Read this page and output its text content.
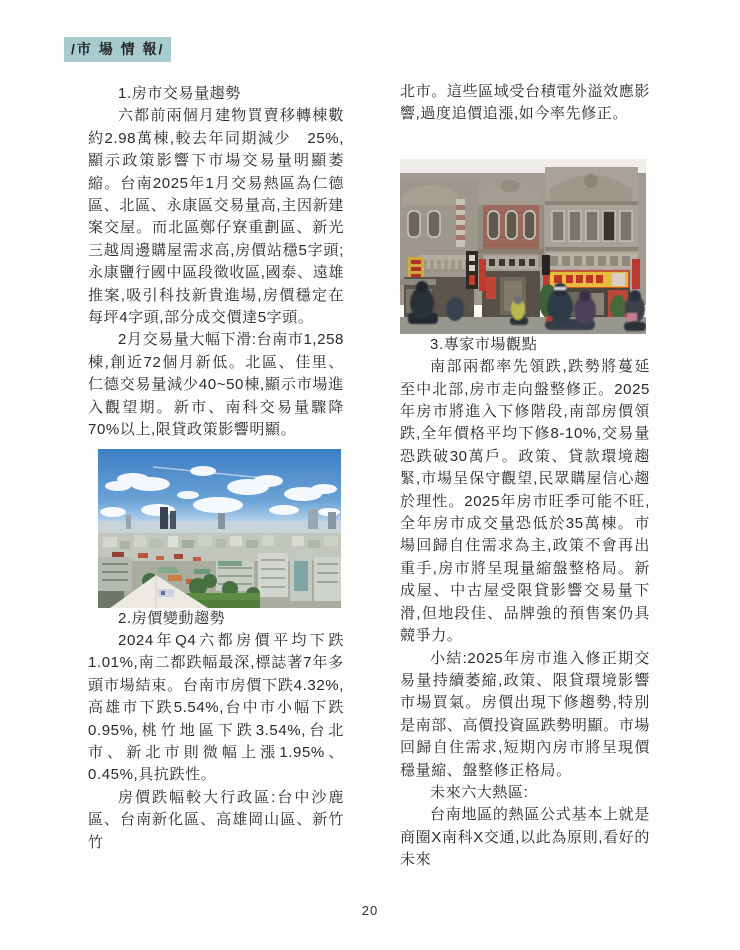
/市 場 情 報/

1.房市交易量趨勢

六都前兩個月建物買賣移轉棟數約2.98萬棟,較去年同期減少　25%,顯示政策影響下市場交易量明顯萎縮。台南2025年1月交易熱區為仁德區、北區、永康區交易量高,主因新建案交屋。而北區鄭仔寮重劃區、新光三越周邊購屋需求高,房價站穩5字頭;永康鹽行國中區段徵收區,國泰、遠雄推案,吸引科技新貴進場,房價穩定在每坪4字頭,部分成交價達5字頭。

2月交易量大幅下滑:台南市1,258棟,創近72個月新低。北區、佳里、仁德交易量減少40~50棟,顯示市場進入觀望期。新市、南科交易量驟降70%以上,限貸政策影響明顯。

2.房價變動趨勢

2024年Q4六都房價平均下跌1.01%,南二都跌幅最深,標誌著7年多頭市場結束。台南市房價下跌4.32%,高雄市下跌5.54%,台中市小幅下跌0.95%,桃竹地區下跌3.54%,台北市、新北市則微幅上漲1.95%、0.45%,具抗跌性。

房價跌幅較大行政區:台中沙鹿區、台南新化區、高雄岡山區、新竹竹

北市。這些區域受台積電外溢效應影響,過度追價追漲,如今率先修正。

3.專家市場觀點

南部兩都率先領跌,跌勢將蔓延至中北部,房市走向盤整修正。2025年房市將進入下修階段,南部房價領跌,全年價格平均下修8-10%,交易量恐跌破30萬戶。政策、貸款環境趨緊,市場呈保守觀望,民眾購屋信心趨於理性。2025年房市旺季可能不旺,全年房市成交量恐低於35萬棟。市場回歸自住需求為主,政策不會再出重手,房市將呈現量縮盤整格局。新成屋、中古屋受限貸影響交易量下滑,但地段佳、品牌強的預售案仍具競爭力。

小結:2025年房市進入修正期交易量持續萎縮,政策、限貸環境影響市場買氣。房價出現下修趨勢,特別是南部、高價投資區跌勢明顯。市場回歸自住需求,短期內房市將呈現價穩量縮、盤整修正格局。

未來六大熱區:

台南地區的熱區公式基本上就是商圈X南科X交通,以此為原則,看好的未來

20
